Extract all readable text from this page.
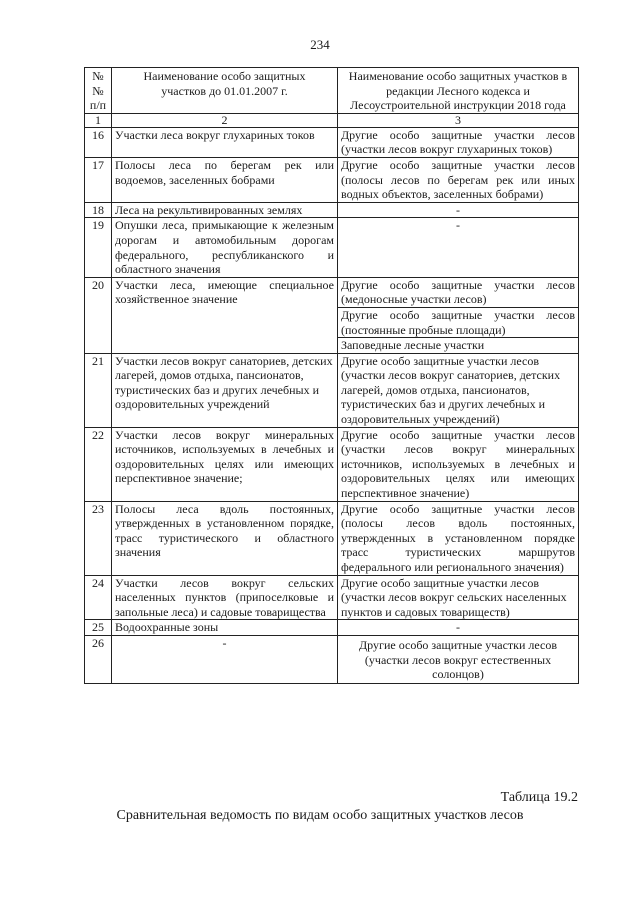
234
№№ п/п	Наименование особо защитных участков до 01.01.2007 г.	Наименование особо защитных участков в редакции Лесного кодекса и Лесоустроительной инструкции 2018 года
1	2	3
16	Участки леса вокруг глухариных токов	Другие особо защитные участки лесов (участки лесов вокруг глухариных токов)
17	Полосы леса по берегам рек или водоемов, заселенных бобрами	Другие особо защитные участки лесов (полосы лесов по берегам рек или иных водных объектов, заселенных бобрами)
18	Леса на рекультивированных землях	-
19	Опушки леса, примыкающие к железным дорогам и автомобильным дорогам федерального, республиканского и областного значения	-
20	Участки леса, имеющие специальное хозяйственное значение	Другие особо защитные участки лесов (медоносные участки лесов)
		Другие особо защитные участки лесов (постоянные пробные площади)
		Заповедные лесные участки
21	Участки лесов вокруг санаториев, детских лагерей, домов отдыха, пансионатов, туристических баз и других лечебных и оздоровительных учреждений	Другие особо защитные участки лесов (участки лесов вокруг санаториев, детских лагерей, домов отдыха, пансионатов, туристических баз и других лечебных и оздоровительных учреждений)
22	Участки лесов вокруг минеральных источников, используемых в лечебных и оздоровительных целях или имеющих перспективное значение;	Другие особо защитные участки лесов (участки лесов вокруг минеральных источников, используемых в лечебных и оздоровительных целях или имеющих перспективное значение)
23	Полосы леса вдоль постоянных, утвержденных в установленном порядке, трасс туристического и областного значения	Другие особо защитные участки лесов (полосы лесов вдоль постоянных, утвержденных в установленном порядке трасс туристических маршрутов федерального или регионального значения)
24	Участки лесов вокруг сельских населенных пунктов (припоселковые и запольные леса) и садовые товарищества	Другие особо защитные участки лесов (участки лесов вокруг сельских населенных пунктов и садовых товариществ)
25	Водоохранные зоны	-
26	-	Другие особо защитные участки лесов (участки лесов вокруг естественных солонцов)
Таблица 19.2
Сравнительная ведомость по видам особо защитных участков лесов
